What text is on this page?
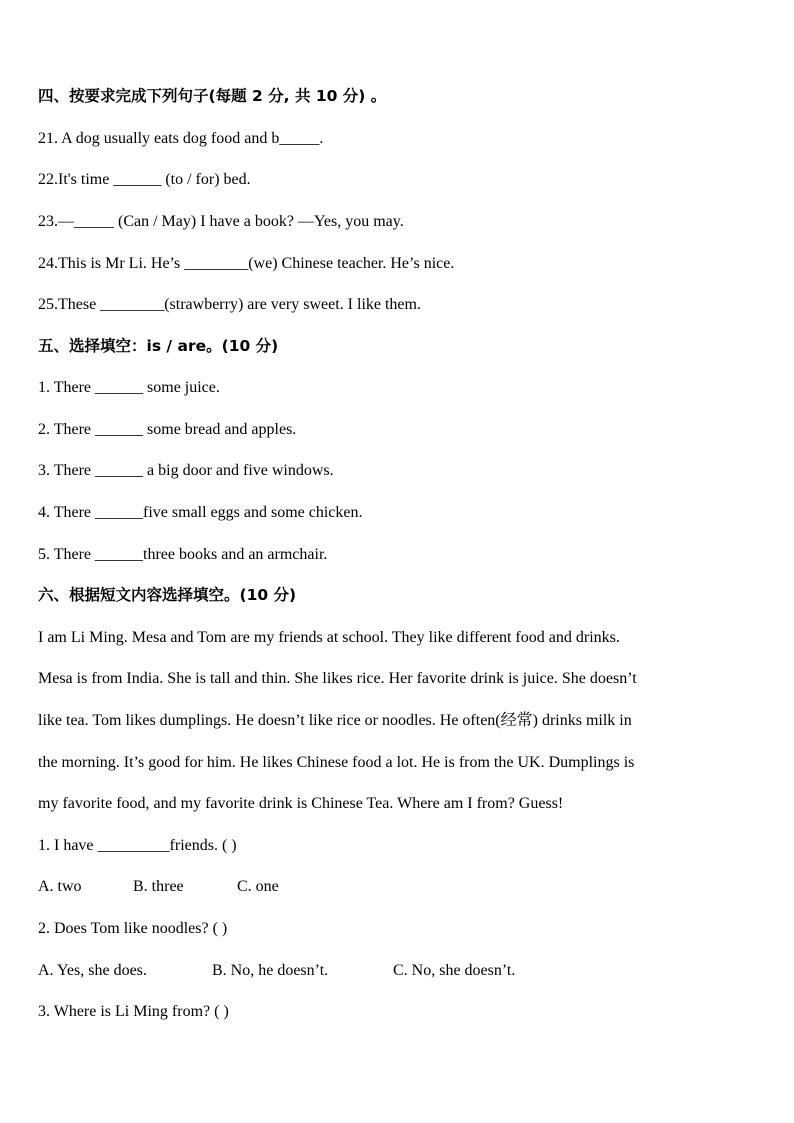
四、按要求完成下列句子(每题 2 分, 共 10 分) 。

21. A dog usually eats dog food and b_____.

22.It's time ______ (to / for) bed.

23.—_____ (Can / May) I have a book? —Yes, you may.

24.This is Mr Li. He’s ________(we) Chinese teacher. He’s nice.

25.These ________(strawberry) are very sweet. I like them.

五、选择填空：is / are。(10 分)

1. There ______ some juice.

2. There ______ some bread and apples.

3. There ______ a big door and five windows.

4. There ______five small eggs and some chicken.

5. There ______three books and an armchair.

六、根据短文内容选择填空。(10 分)

I am Li Ming. Mesa and Tom are my friends at school. They like different food and drinks.

Mesa is from India. She is tall and thin. She likes rice. Her favorite drink is juice. She doesn’t

like tea. Tom likes dumplings. He doesn’t like rice or noodles. He often(经常) drinks milk in

the morning. It’s good for him. He likes Chinese food a lot. He is from the UK. Dumplings is

my favorite food, and my favorite drink is Chinese Tea. Where am I from? Guess!

1. I have _________friends. ( )

A. two	B. three	C. one

2. Does Tom like noodles? ( )

A. Yes, she does.	B. No, he doesn’t.	C. No, she doesn’t.

3. Where is Li Ming from? ( )
